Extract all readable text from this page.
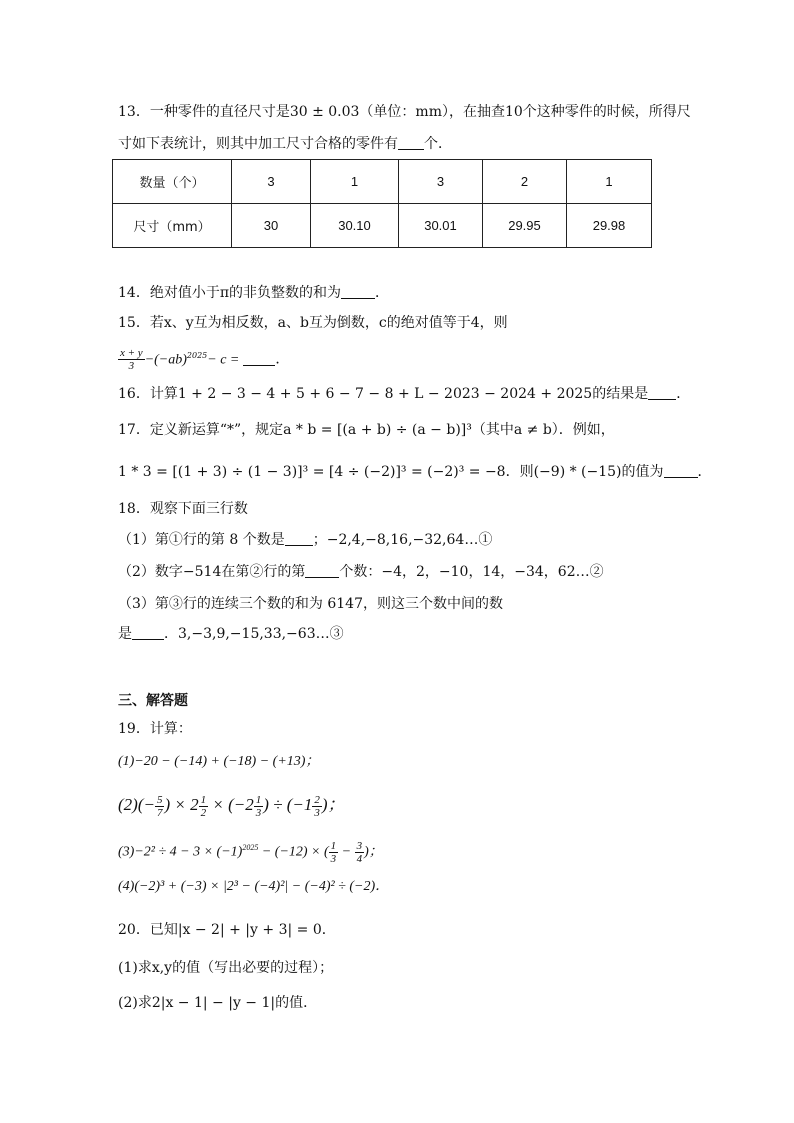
13．一种零件的直径尺寸是30 ± 0.03（单位：mm），在抽查10个这种零件的时候，所得尺
寸如下表统计，则其中加工尺寸合格的零件有 个．
数量（个）	3	1	3	2	1
尺寸（mm）	30	30.10	30.01	29.95	29.98
14．绝对值小于π的非负整数的和为 ．
15．若x、y互为相反数，a、b互为倒数，c的绝对值等于4，则
$\frac{x + y}{3} -(-ab)^{2025}- c$ =	．
16．计算1 + 2 − 3 − 4 + 5 + 6 − 7 − 8 + L − 2023 − 2024 + 2025的结果是 ．
17．定义新运算“*”，规定a * b = [(a + b) ÷ (a − b)]³（其中a ≠ b）．例如，
1 * 3 = [(1 + 3) ÷ (1 − 3)]³ = [4 ÷ (−2)]³ = (−2)³ = −8．则(−9) * (−15)的值为 ．
18．观察下面三行数
（1）第①行的第 8 个数是 ；−2,4,−8,16,−32,64…①
（2）数字−514在第②行的第 个数：−4，2，−10，14，−34，62…②
（3）第③行的连续三个数的和为 6147，则这三个数中间的数
是 ．3,−3,9,−15,33,−63…③
三、解答题
19．计算：
(1)−20 − (−14) + (−18) − (+13)；
$(2)(- \frac{5}{7}$ ) × $2 \frac{1}{2} \times (-2 \frac{1}{3}$ ) ÷ ($-1 \frac{2}{3}$ )；
$(3)-2^2 \div 4 - 3 \times (-1)^{2025} - (-12)$ × ( $\frac{1}{3} - \frac{3}{4}$ )；
(4)(−2)³ + (−3) × |2³ − (−4)²| − (−4)² ÷ (−2)．
20．已知|x − 2| + |y + 3| = 0．
(1)求x,y的值（写出必要的过程）；
(2)求2|x − 1| − |y − 1|的值．
